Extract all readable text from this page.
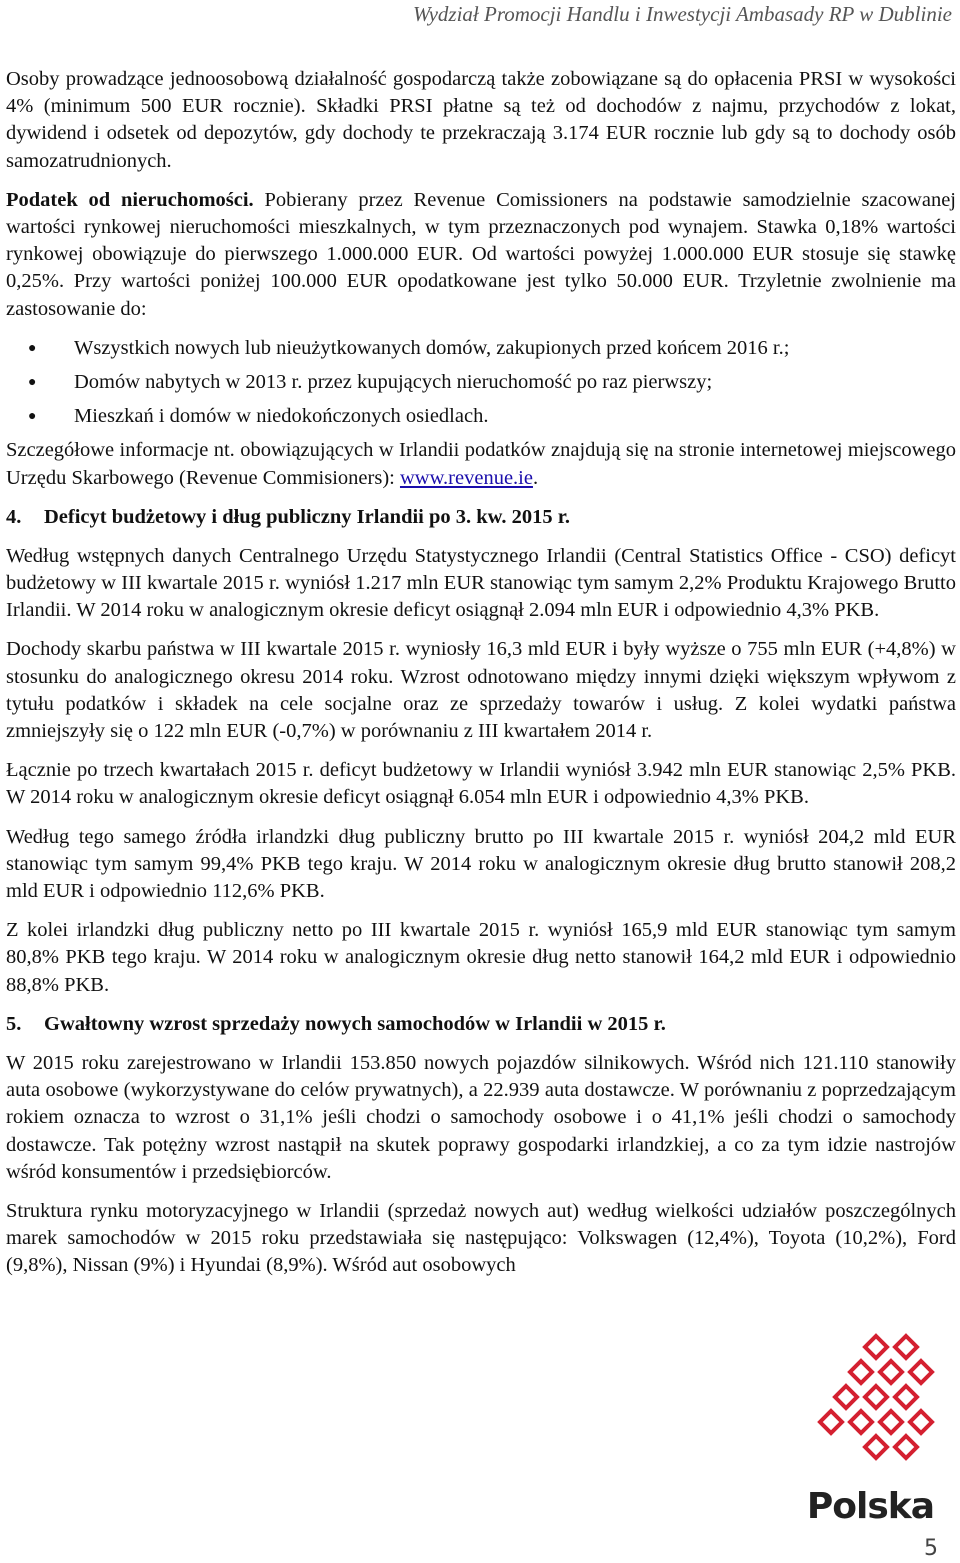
Wydział Promocji Handlu i Inwestycji Ambasady RP w Dublinie

Osoby prowadzące jednoosobową działalność gospodarczą także zobowiązane są do opłacenia PRSI w wysokości 4% (minimum 500 EUR rocznie). Składki PRSI płatne są też od dochodów z najmu, przychodów z lokat, dywidend i odsetek od depozytów, gdy dochody te przekraczają 3.174 EUR rocznie lub gdy są to dochody osób samozatrudnionych.

Podatek od nieruchomości. Pobierany przez Revenue Comissioners na podstawie samodzielnie szacowanej wartości rynkowej nieruchomości mieszkalnych, w tym przeznaczonych pod wynajem. Stawka 0,18% wartości rynkowej obowiązuje do pierwszego 1.000.000 EUR. Od wartości powyżej 1.000.000 EUR stosuje się stawkę 0,25%. Przy wartości poniżej 100.000 EUR opodatkowane jest tylko 50.000 EUR. Trzyletnie zwolnienie ma zastosowanie do:

● Wszystkich nowych lub nieużytkowanych domów, zakupionych przed końcem 2016 r.;
● Domów nabytych w 2013 r. przez kupujących nieruchomość po raz pierwszy;
● Mieszkań i domów w niedokończonych osiedlach.

Szczegółowe informacje nt. obowiązujących w Irlandii podatków znajdują się na stronie internetowej miejscowego Urzędu Skarbowego (Revenue Commisioners): www.revenue.ie.

4. Deficyt budżetowy i dług publiczny Irlandii po 3. kw. 2015 r.

Według wstępnych danych Centralnego Urzędu Statystycznego Irlandii (Central Statistics Office - CSO) deficyt budżetowy w III kwartale 2015 r. wyniósł 1.217 mln EUR stanowiąc tym samym 2,2% Produktu Krajowego Brutto Irlandii. W 2014 roku w analogicznym okresie deficyt osiągnął 2.094 mln EUR i odpowiednio 4,3% PKB.

Dochody skarbu państwa w III kwartale 2015 r. wyniosły 16,3 mld EUR i były wyższe o 755 mln EUR (+4,8%) w stosunku do analogicznego okresu 2014 roku. Wzrost odnotowano między innymi dzięki większym wpływom z tytułu podatków i składek na cele socjalne oraz ze sprzedaży towarów i usług. Z kolei wydatki państwa zmniejszyły się o 122 mln EUR (-0,7%) w porównaniu z III kwartałem 2014 r.

Łącznie po trzech kwartałach 2015 r. deficyt budżetowy w Irlandii wyniósł 3.942 mln EUR stanowiąc 2,5% PKB. W 2014 roku w analogicznym okresie deficyt osiągnął 6.054 mln EUR i odpowiednio 4,3% PKB.

Według tego samego źródła irlandzki dług publiczny brutto po III kwartale 2015 r. wyniósł 204,2 mld EUR stanowiąc tym samym 99,4% PKB tego kraju. W 2014 roku w analogicznym okresie dług brutto stanowił 208,2 mld EUR i odpowiednio 112,6% PKB.

Z kolei irlandzki dług publiczny netto po III kwartale 2015 r. wyniósł 165,9 mld EUR stanowiąc tym samym 80,8% PKB tego kraju. W 2014 roku w analogicznym okresie dług netto stanowił 164,2 mld EUR i odpowiednio 88,8% PKB.

5. Gwałtowny wzrost sprzedaży nowych samochodów w Irlandii w 2015 r.

W 2015 roku zarejestrowano w Irlandii 153.850 nowych pojazdów silnikowych. Wśród nich 121.110 stanowiły auta osobowe (wykorzystywane do celów prywatnych), a 22.939 auta dostawcze. W porównaniu z poprzedzającym rokiem oznacza to wzrost o 31,1% jeśli chodzi o samochody osobowe i o 41,1% jeśli chodzi o samochody dostawcze. Tak potężny wzrost nastąpił na skutek poprawy gospodarki irlandzkiej, a co za tym idzie nastrojów wśród konsumentów i przedsiębiorców.

Struktura rynku motoryzacyjnego w Irlandii (sprzedaż nowych aut) według wielkości udziałów poszczególnych marek samochodów w 2015 roku przedstawiała się następująco: Volkswagen (12,4%), Toyota (10,2%), Ford (9,8%), Nissan (9%) i Hyundai (8,9%). Wśród aut osobowych

Polska
5
